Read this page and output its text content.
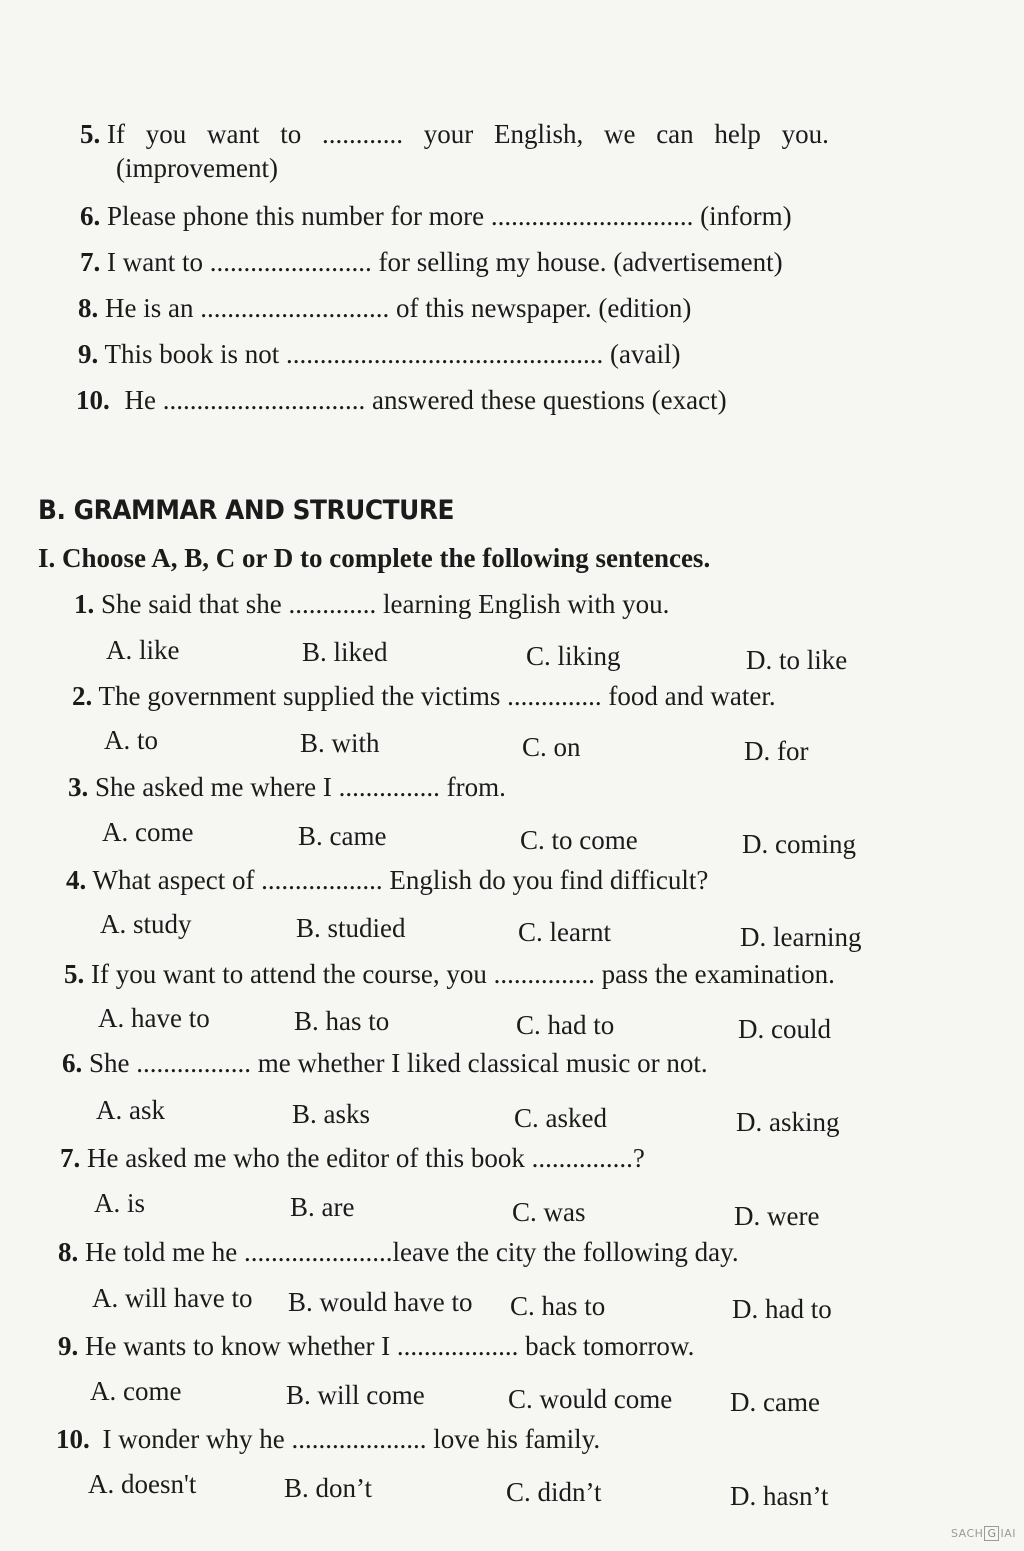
5. If you want to ............ your English, we can help you.
(improvement)
6. Please phone this number for more .............................. (inform)
7. I want to ........................ for selling my house. (advertisement)
8. He is an ............................ of this newspaper. (edition)
9. This book is not ............................................... (avail)
10. He .............................. answered these questions (exact)
B. GRAMMAR AND STRUCTURE
I. Choose A, B, C or D to complete the following sentences.
1. She said that she ............. learning English with you.
A. like	B. liked	C. liking	D. to like
2. The government supplied the victims .............. food and water.
A. to	B. with	C. on	D. for
3. She asked me where I ............... from.
A. come	B. came	C. to come	D. coming
4. What aspect of .................. English do you find difficult?
A. study	B. studied	C. learnt	D. learning
5. If you want to attend the course, you ............... pass the examination.
A. have to	B. has to	C. had to	D. could
6. She ................. me whether I liked classical music or not.
A. ask	B. asks	C. asked	D. asking
7. He asked me who the editor of this book ...............?
A. is	B. are	C. was	D. were
8. He told me he ......................leave the city the following day.
A. will have to B. would have to C. has to	D. had to
9. He wants to know whether I .................. back tomorrow.
A. come	B. will come	C. would come D. came
10. I wonder why he .................... love his family.
A. doesn't	B. don’t	C. didn’t	D. hasn’t
SACH G IAI
